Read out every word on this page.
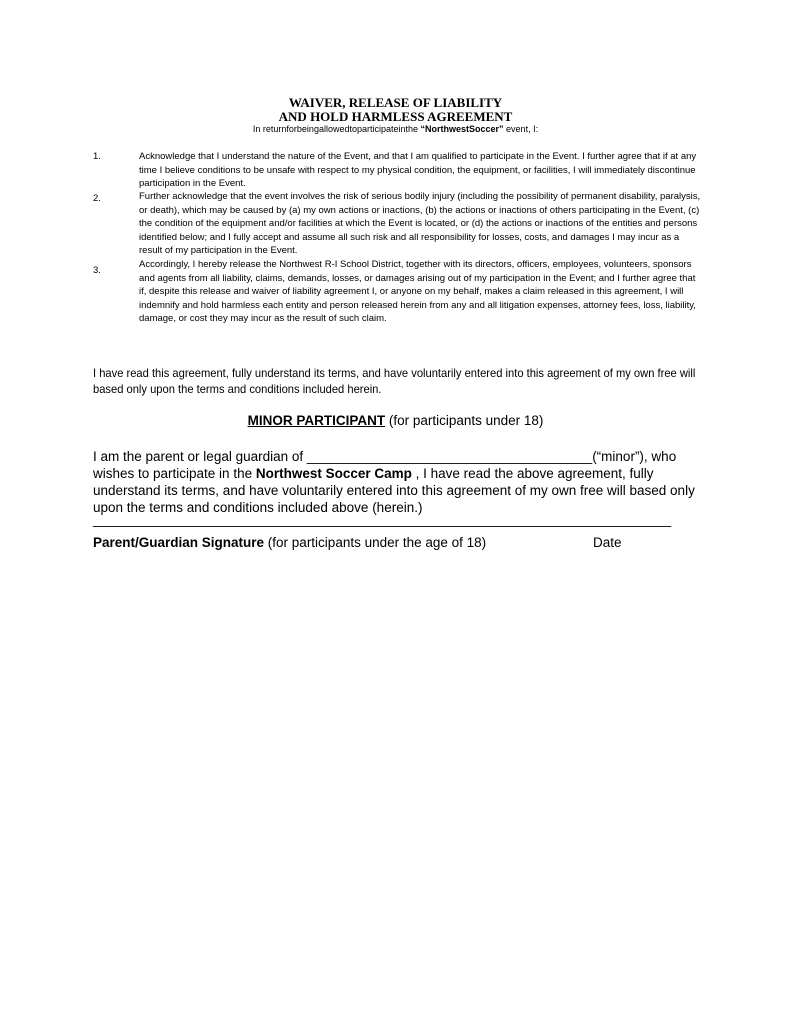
WAIVER, RELEASE OF LIABILITY
AND HOLD HARMLESS AGREEMENT
In returnforbeingallowedtoparticipateinthe “NorthwestSoccer” event, I:
1.	Acknowledge that I understand the nature of the Event, and that I am qualified to participate in the Event. I further agree that if at any time I believe conditions to be unsafe with respect to my physical condition, the equipment, or facilities, I will immediately discontinue participation in the Event.
2.	Further acknowledge that the event involves the risk of serious bodily injury (including the possibility of permanent disability, paralysis, or death), which may be caused by (a) my own actions or inactions, (b) the actions or inactions of others participating in the Event, (c) the condition of the equipment and/or facilities at which the Event is located, or (d) the actions or inactions of the entities and persons identified below; and I fully accept and assume all such risk and all responsibility for losses, costs, and damages I may incur as a result of my participation in the Event.
3.
Accordingly, I hereby release the Northwest R-I School District, together with its directors, officers, employees, volunteers, sponsors and agents from all liability, claims, demands, losses, or damages arising out of my participation in the Event; and I further agree that if, despite this release and waiver of liability agreement I, or anyone on my behalf, makes a claim released in this agreement, I will indemnify and hold harmless each entity and person released herein from any and all litigation expenses, attorney fees, loss, liability, damage, or cost they may incur as the result of such claim.
I have read this agreement, fully understand its terms, and have voluntarily entered into this agreement of my own free will based only upon the terms and conditions included herein.
MINOR PARTICIPANT (for participants under 18)
I am the parent or legal guardian of ______________________________________(“minor”), who wishes to participate in the Northwest Soccer Camp , I have read the above agreement, fully understand its terms, and have voluntarily entered into this agreement of my own free will based only upon the terms and conditions included above (herein.)
_____________________________________________________________________________
Parent/Guardian Signature (for participants under the age of 18)	Date
